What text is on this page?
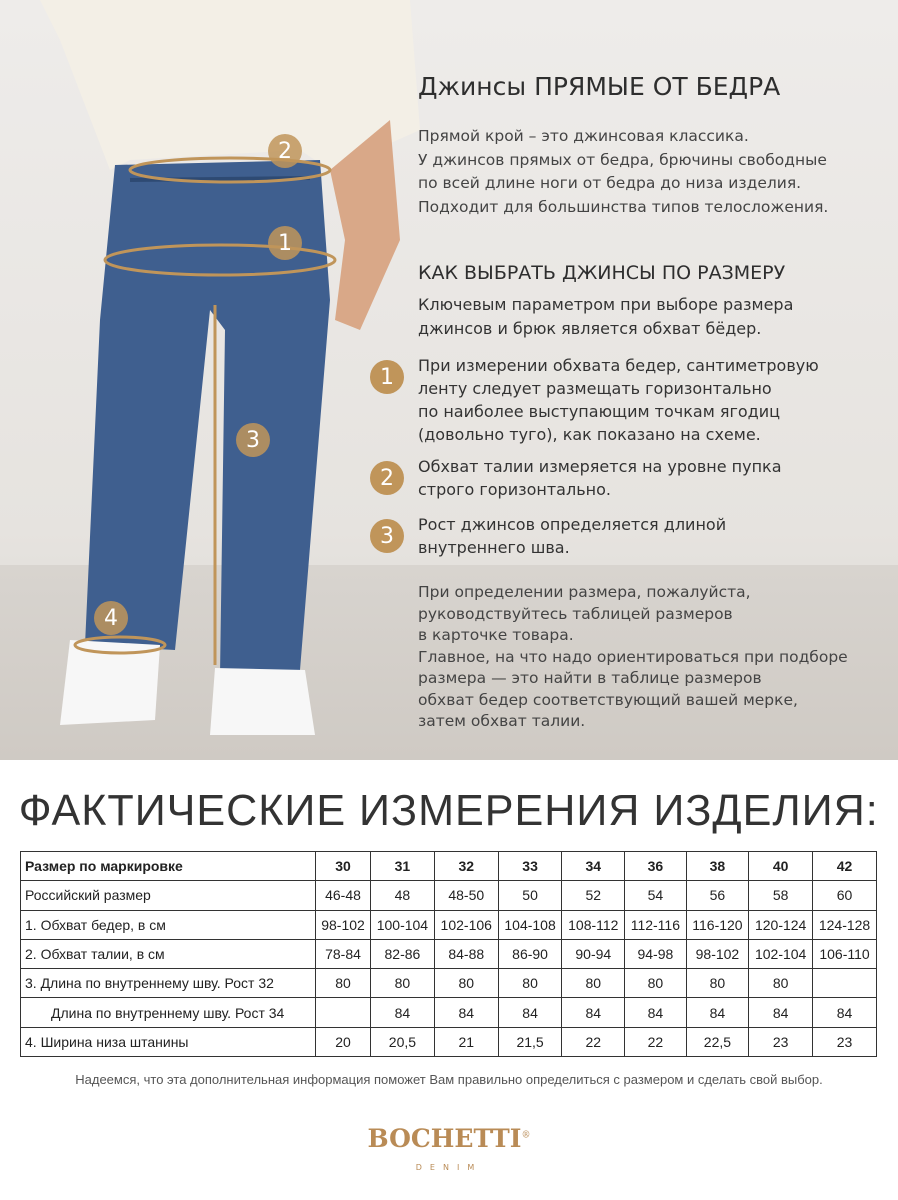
1
2
3
4
Джинсы ПРЯМЫЕ ОТ БЕДРА
Прямой крой – это джинсовая классика.
У джинсов прямых от бедра, брючины свободные
по всей длине ноги от бедра до низа изделия.
Подходит для большинства типов телосложения.
КАК ВЫБРАТЬ ДЖИНСЫ ПО РАЗМЕРУ
Ключевым параметром при выборе размера
джинсов и брюк является обхват бёдер.
1	При измерении обхвата бедер, сантиметровую
ленту следует размещать горизонтально
по наиболее выступающим точкам ягодиц
(довольно туго), как показано на схеме.
2	Обхват талии измеряется на уровне пупка
строго горизонтально.
3	Рост джинсов определяется длиной
внутреннего шва.
При определении размера, пожалуйста,
руководствуйтесь таблицей размеров
в карточке товара.
Главное, на что надо ориентироваться при подборе
размера — это найти в таблице размеров
обхват бедер соответствующий вашей мерке,
затем обхват талии.
ФАКТИЧЕСКИЕ ИЗМЕРЕНИЯ ИЗДЕЛИЯ:
Размер по маркировке	30	31	32	33	34	36	38	40	42
Российский размер	46-48	48	48-50	50	52	54	56	58	60
1. Обхват бедер, в см	98-102	100-104	102-106	104-108	108-112	112-116	116-120	120-124	124-128
2. Обхват талии, в см	78-84	82-86	84-88	86-90	90-94	94-98	98-102	102-104	106-110
3. Длина по внутреннему шву. Рост 32	80	80	80	80	80	80	80	80	
Длина по внутреннему шву. Рост 34		84	84	84	84	84	84	84	84
4. Ширина низа штанины	20	20,5	21	21,5	22	22	22,5	23	23
Надеемся, что эта дополнительная информация поможет Вам правильно определиться с размером и сделать свой выбор.
BOCHETTI®
DENIM
